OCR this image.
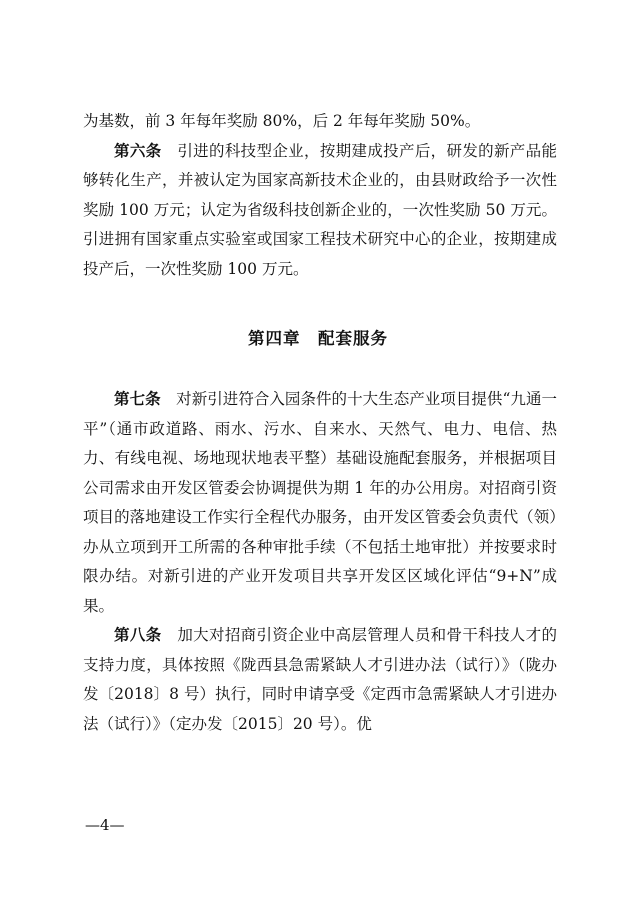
为基数，前 3 年每年奖励 80%，后 2 年每年奖励 50%。

第六条　 引进的科技型企业，按期建成投产后，研发的新产品能够转化生产，并被认定为国家高新技术企业的，由县财政给予一次性奖励 100 万元；认定为省级科技创新企业的，一次性奖励 50 万元。引进拥有国家重点实验室或国家工程技术研究中心的企业，按期建成投产后，一次性奖励 100 万元。

第四章　配套服务

第七条　 对新引进符合入园条件的十大生态产业项目提供“九通一平”（通市政道路、雨水、污水、自来水、天然气、电力、电信、热力、有线电视、场地现状地表平整）基础设施配套服务，并根据项目公司需求由开发区管委会协调提供为期 1 年的办公用房。对招商引资项目的落地建设工作实行全程代办服务，由开发区管委会负责代（领）办从立项到开工所需的各种审批手续（不包括土地审批）并按要求时限办结。对新引进的产业开发项目共享开发区区域化评估“9+N”成果。

第八条　 加大对招商引资企业中高层管理人员和骨干科技人才的支持力度，具体按照《陇西县急需紧缺人才引进办法（试行）》（陇办发〔2018〕8 号）执行，同时申请享受《定西市急需紧缺人才引进办法（试行）》（定办发〔2015〕20 号）。优

—4—
